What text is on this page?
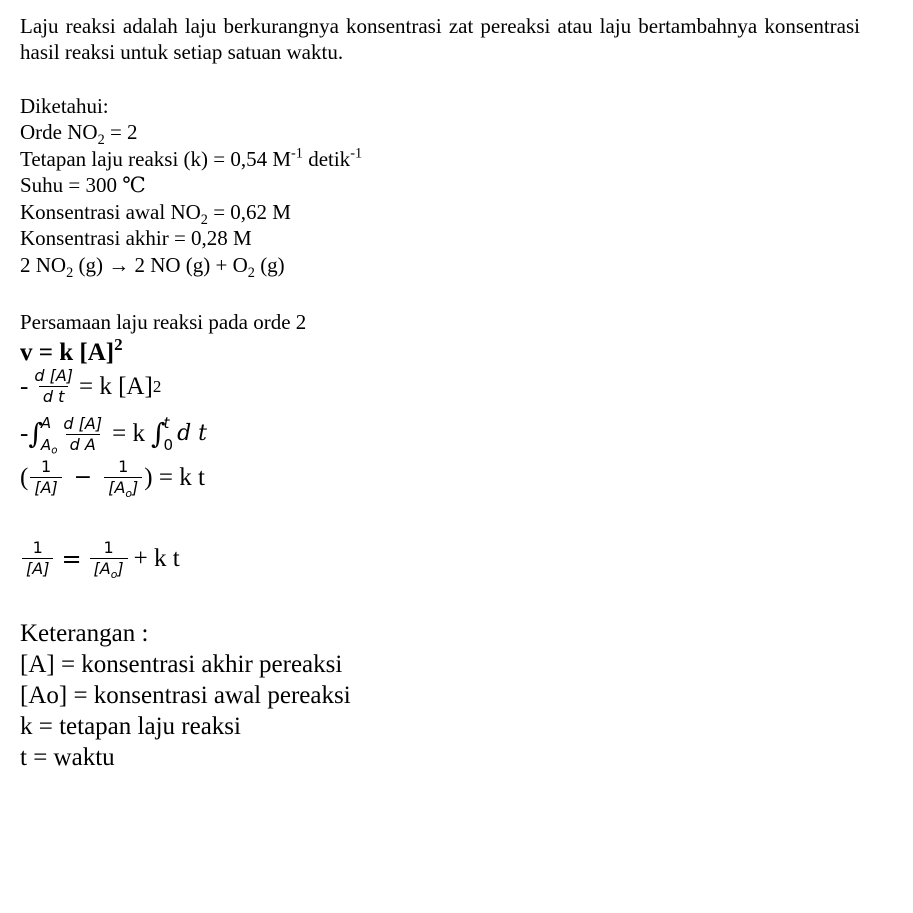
Laju reaksi adalah laju berkurangnya konsentrasi zat pereaksi atau laju bertambahnya konsentrasi hasil reaksi untuk setiap satuan waktu.
Diketahui:
Orde $NO_2 = 2$
Tetapan laju reaksi (k) = 0,54 $M^{-1}$ detik$^{-1}$
Suhu = 300 ℃
Konsentrasi awal $NO_2 = 0,62$ M
Konsentrasi akhir = 0,28 M
2 $NO_2$ (g) → 2 NO $(g) + O_2$ (g)
Persamaan laju reaksi pada orde 2
v = k $[A]^2$
- $\frac{d [A]}{\text{d t}} = k$ [A] 2
- ∫
A
$A_o \frac{d [A]}{\text{d A}} = k$ ∫
t
0 d t
( $\frac{1}{[A]} - \frac{1}{[A_o]}$ ) = k t
$\frac{1}{[A]} = \frac{1}{[A_o]} + k$ t
Keterangan :
[A] = konsentrasi akhir pereaksi
[Ao] = konsentrasi awal pereaksi
k = tetapan laju reaksi
t = waktu
